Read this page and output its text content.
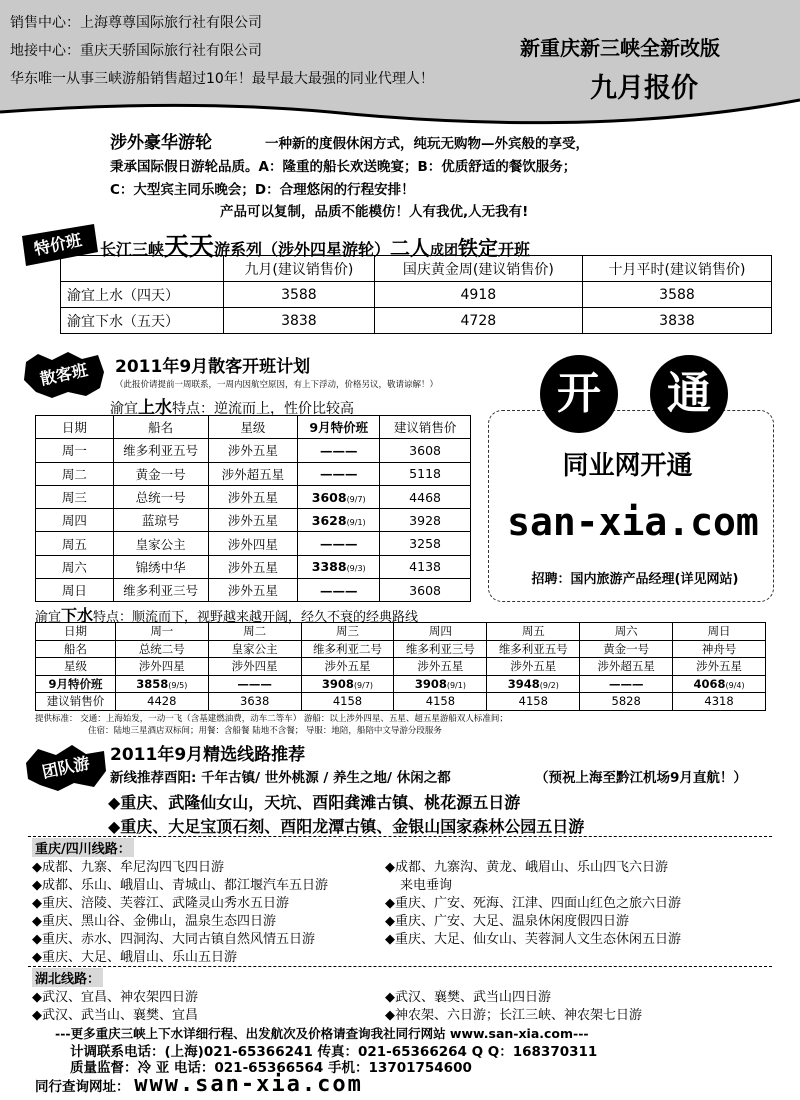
销售中心：上海尊尊国际旅行社有限公司
地接中心：重庆天骄国际旅行社有限公司
华东唯一从事三峡游船销售超过10年！最早最大最强的同业代理人！
新重庆新三峡全新改版
九月报价
涉外豪华游轮	一种新的度假休闲方式，纯玩无购物—外宾般的享受，
秉承国际假日游轮品质。A：隆重的船长欢送晚宴；B：优质舒适的餐饮服务；
C：大型宾主同乐晚会；D：合理悠闲的行程安排！
产品可以复制，品质不能模仿！人有我优,人无我有!
特价班	长江三峡天天游系列（涉外四星游轮）二人成团铁定开班
	九月(建议销售价)	国庆黄金周(建议销售价)	十月平时(建议销售价)
渝宜上水（四天）	3588	4918	3588
渝宜下水（五天）	3838	4728	3838
散客班	2011年9月散客开班计划
（此报价请提前一周联系，一周内因航空原因，有上下浮动，价格另议，敬请谅解！）
渝宜上水特点：逆流而上，性价比较高
日期	船名	星级	9月特价班	建议销售价
周一	维多利亚五号	涉外五星	———	3608
周二	黄金一号	涉外超五星	———	5118
周三	总统一号	涉外五星	3608(9/7)	4468
周四	蓝琼号	涉外五星	3628(9/1)	3928
周五	皇家公主	涉外四星	———	3258
周六	锦绣中华	涉外五星	3388(9/3)	4138
周日	维多利亚三号	涉外五星	———	3608
开	通
同业网开通
san-xia.com
招聘：国内旅游产品经理(详见网站)
渝宜下水特点：顺流而下，视野越来越开阔，经久不衰的经典路线
日期	周一	周二	周三	周四	周五	周六	周日
船名	总统二号	皇家公主	维多利亚二号	维多利亚三号	维多利亚五号	黄金一号	神舟号
星级	涉外四星	涉外四星	涉外五星	涉外五星	涉外五星	涉外超五星	涉外五星
9月特价班	3858(9/5)	———	3908(9/7)	3908(9/1)	3948(9/2)	———	4068(9/4)
建议销售价	4428	3638	4158	4158	4158	5828	4318
提供标准： 交通：上海始发，一动一飞（含基建燃油费，动车二等车） 游船：以上涉外四星、五星、超五星游船双人标准间；
住宿：陆地三星酒店双标间；用餐：含船餐 陆地不含餐； 导服：地陪，船陪中文导游分段服务
团队游	2011年9月精选线路推荐
新线推荐酉阳: 千年古镇/ 世外桃源 / 养生之地/ 休闲之都	（预祝上海至黔江机场9月直航！）
◆重庆、武隆仙女山，天坑、酉阳龚滩古镇、桃花源五日游
◆重庆、大足宝顶石刻、酉阳龙潭古镇、金银山国家森林公园五日游
重庆/四川线路：
◆成都、九寨、牟尼沟四飞四日游
◆成都、乐山、峨眉山、青城山、都江堰汽车五日游
◆重庆、涪陵、芙蓉江、武隆灵山秀水五日游
◆重庆、黑山谷、金佛山，温泉生态四日游
◆重庆、赤水、四洞沟、大同古镇自然风情五日游
◆重庆、大足、峨眉山、乐山五日游
◆成都、九寨沟、黄龙、峨眉山、乐山四飞六日游
来电垂询
◆重庆、广安、死海、江津、四面山红色之旅六日游
◆重庆、广安、大足、温泉休闲度假四日游
◆重庆、大足、仙女山、芙蓉洞人文生态休闲五日游
湖北线路：
◆武汉、宜昌、神农架四日游
◆武汉、武当山、襄樊、宜昌
◆武汉、襄樊、武当山四日游
◆神农架、六日游；长江三峡、神农架七日游
---更多重庆三峡上下水详细行程、出发航次及价格请查询我社同行网站 www.san-xia.com---
计调联系电话：(上海)021-65366241 传真：021-65366264 Q Q：168370311
质量监督：冷 亚 电话：021-65366564 手机：13701754600
同行查询网址： www.san-xia.com
